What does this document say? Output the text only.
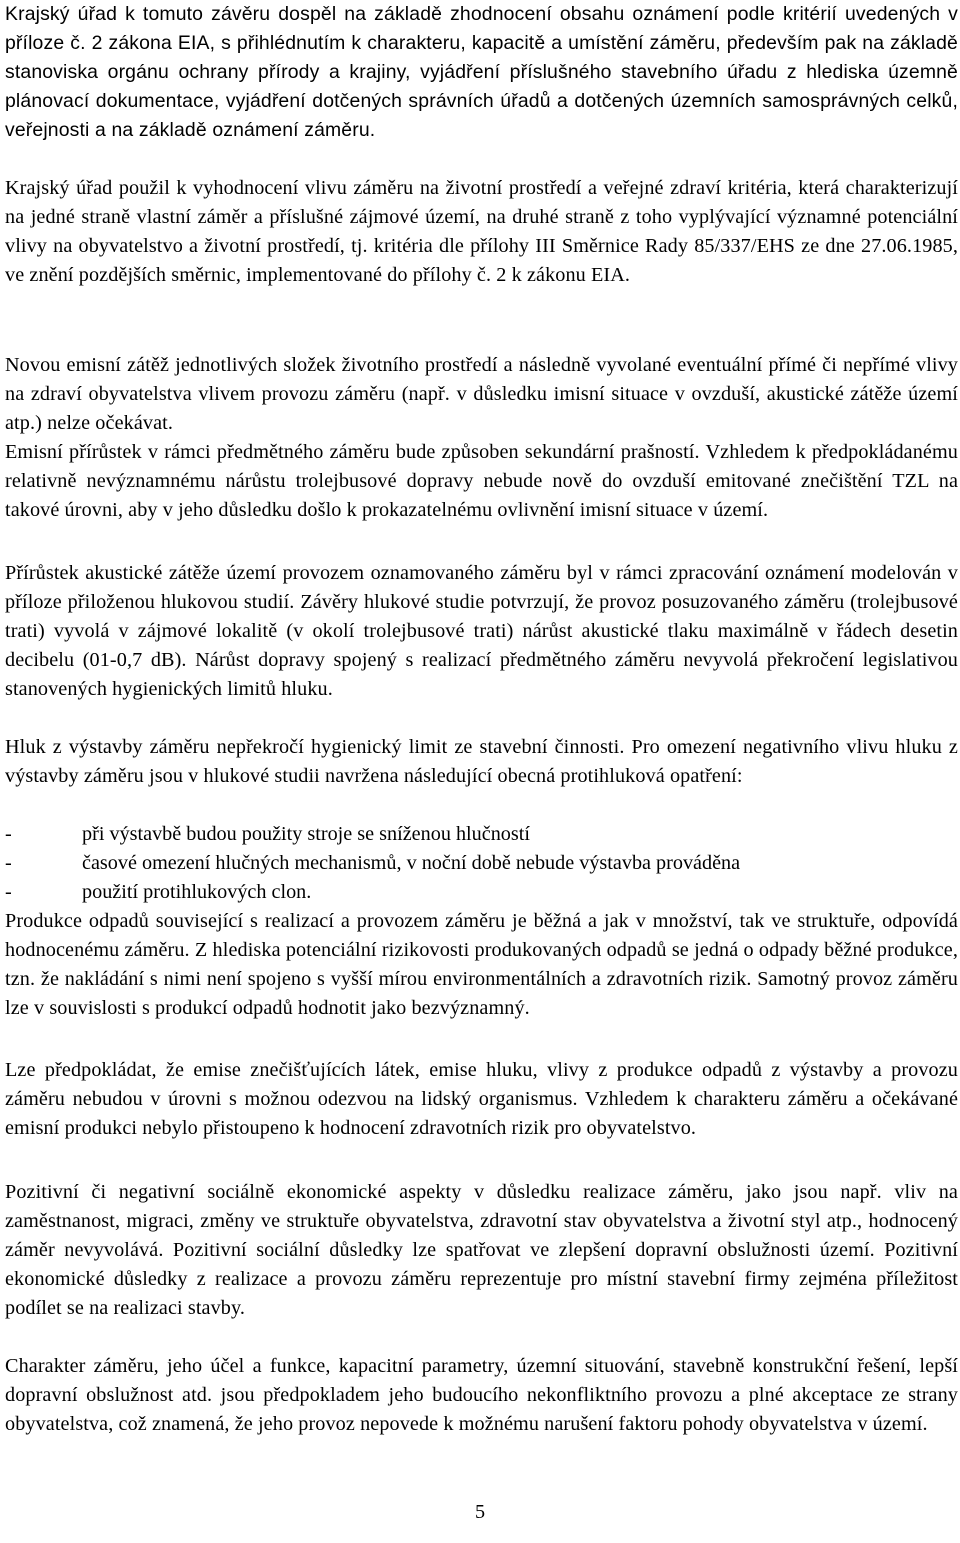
Krajský úřad k tomuto závěru dospěl na základě zhodnocení obsahu oznámení podle kritérií uvedených v příloze č. 2 zákona EIA, s přihlédnutím k charakteru, kapacitě a umístění záměru, především pak na základě stanoviska orgánu ochrany přírody a krajiny, vyjádření příslušného stavebního úřadu z hlediska územně plánovací dokumentace, vyjádření dotčených správních úřadů a dotčených územních samosprávných celků, veřejnosti a na základě oznámení záměru.

Krajský úřad použil k vyhodnocení vlivu záměru na životní prostředí a veřejné zdraví kritéria, která charakterizují na jedné straně vlastní záměr a příslušné zájmové území, na druhé straně z toho vyplývající významné potenciální vlivy na obyvatelstvo a životní prostředí, tj. kritéria dle přílohy III Směrnice Rady 85/337/EHS ze dne 27.06.1985, ve znění pozdějších směrnic, implementované do přílohy č. 2 k zákonu EIA.

Novou emisní zátěž jednotlivých složek životního prostředí a následně vyvolané eventuální přímé či nepřímé vlivy na zdraví obyvatelstva vlivem provozu záměru (např. v důsledku imisní situace v ovzduší, akustické zátěže území atp.) nelze očekávat.

Emisní přírůstek v rámci předmětného záměru bude způsoben sekundární prašností. Vzhledem k předpokládanému relativně nevýznamnému nárůstu trolejbusové dopravy nebude nově do ovzduší emitované znečištění TZL na takové úrovni, aby v jeho důsledku došlo k prokazatelnému ovlivnění imisní situace v území.

Přírůstek akustické zátěže území provozem oznamovaného záměru byl v rámci zpracování oznámení modelován v příloze přiloženou hlukovou studií. Závěry hlukové studie potvrzují, že provoz posuzovaného záměru (trolejbusové trati) vyvolá v zájmové lokalitě (v okolí trolejbusové trati) nárůst akustické tlaku maximálně v řádech desetin decibelu (01-0,7 dB). Nárůst dopravy spojený s realizací předmětného záměru nevyvolá překročení legislativou stanovených hygienických limitů hluku.

Hluk z výstavby záměru nepřekročí hygienický limit ze stavební činnosti. Pro omezení negativního vlivu hluku z výstavby záměru jsou v hlukové studii navržena následující obecná protihluková opatření:

-	při výstavbě budou použity stroje se sníženou hlučností
-	časové omezení hlučných mechanismů, v noční době nebude výstavba prováděna
-	použití protihlukových clon.

Produkce odpadů související s realizací a provozem záměru je běžná a jak v množství, tak ve struktuře, odpovídá hodnocenému záměru. Z hlediska potenciální rizikovosti produkovaných odpadů se jedná o odpady běžné produkce, tzn. že nakládání s nimi není spojeno s vyšší mírou environmentálních a zdravotních rizik. Samotný provoz záměru lze v souvislosti s produkcí odpadů hodnotit jako bezvýznamný.

Lze předpokládat, že emise znečišťujících látek, emise hluku, vlivy z produkce odpadů z výstavby a provozu záměru nebudou v úrovni s možnou odezvou na lidský organismus. Vzhledem k charakteru záměru a očekávané emisní produkci nebylo přistoupeno k hodnocení zdravotních rizik pro obyvatelstvo.

Pozitivní či negativní sociálně ekonomické aspekty v důsledku realizace záměru, jako jsou např. vliv na zaměstnanost, migraci, změny ve struktuře obyvatelstva, zdravotní stav obyvatelstva a životní styl atp., hodnocený záměr nevyvolává. Pozitivní sociální důsledky lze spatřovat ve zlepšení dopravní obslužnosti území. Pozitivní ekonomické důsledky z realizace a provozu záměru reprezentuje pro místní stavební firmy zejména příležitost podílet se na realizaci stavby.

Charakter záměru, jeho účel a funkce, kapacitní parametry, územní situování, stavebně konstrukční řešení, lepší dopravní obslužnost atd. jsou předpokladem jeho budoucího nekonfliktního provozu a plné akceptace ze strany obyvatelstva, což znamená, že jeho provoz nepovede k možnému narušení faktoru pohody obyvatelstva v území.

5
